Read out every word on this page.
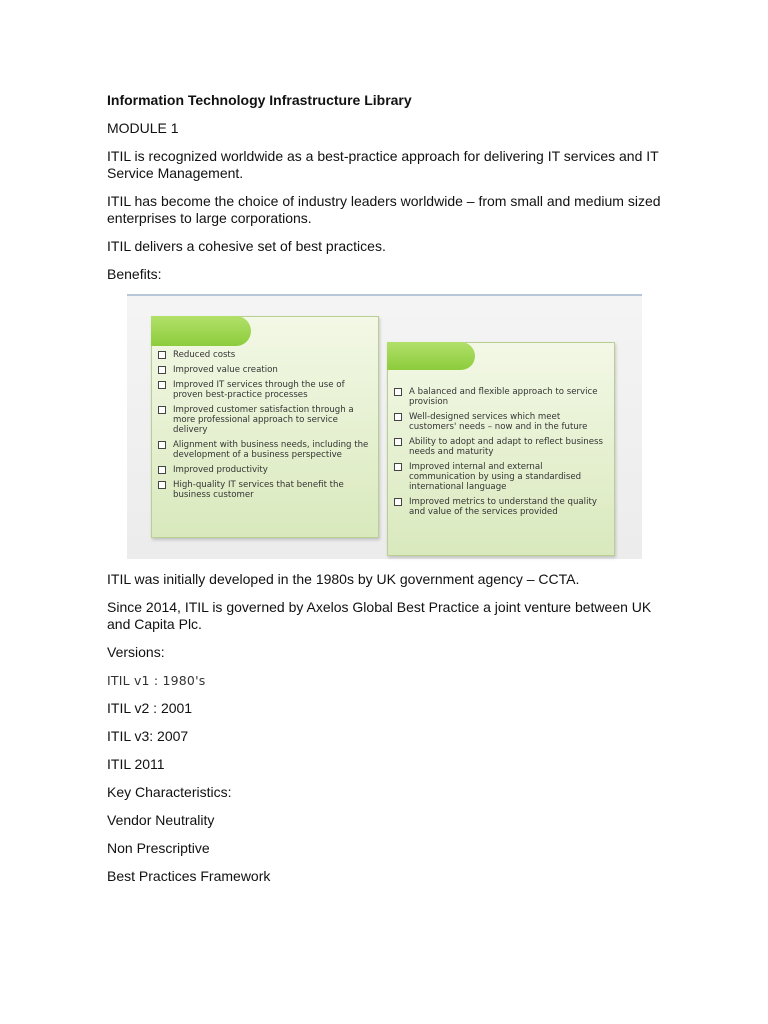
Information Technology Infrastructure Library

MODULE 1

ITIL is recognized worldwide as a best-practice approach for delivering IT services and IT Service Management.

ITIL has become the choice of industry leaders worldwide – from small and medium sized enterprises to large corporations.

ITIL delivers a cohesive set of best practices.

Benefits:

Reduced costs
Improved value creation
Improved IT services through the use of proven best-practice processes
Improved customer satisfaction through a more professional approach to service delivery
Alignment with business needs, including the development of a business perspective
Improved productivity
High-quality IT services that benefit the business customer
A balanced and flexible approach to service provision
Well-designed services which meet customers' needs – now and in the future
Ability to adopt and adapt to reflect business needs and maturity
Improved internal and external communication by using a standardised international language
Improved metrics to understand the quality and value of the services provided

ITIL was initially developed in the 1980s by UK government agency – CCTA.

Since 2014, ITIL is governed by Axelos Global Best Practice a joint venture between UK and Capita Plc.

Versions:

ITIL v1 : 1980's

ITIL v2 : 2001

ITIL v3: 2007

ITIL 2011

Key Characteristics:

Vendor Neutrality

Non Prescriptive

Best Practices Framework
